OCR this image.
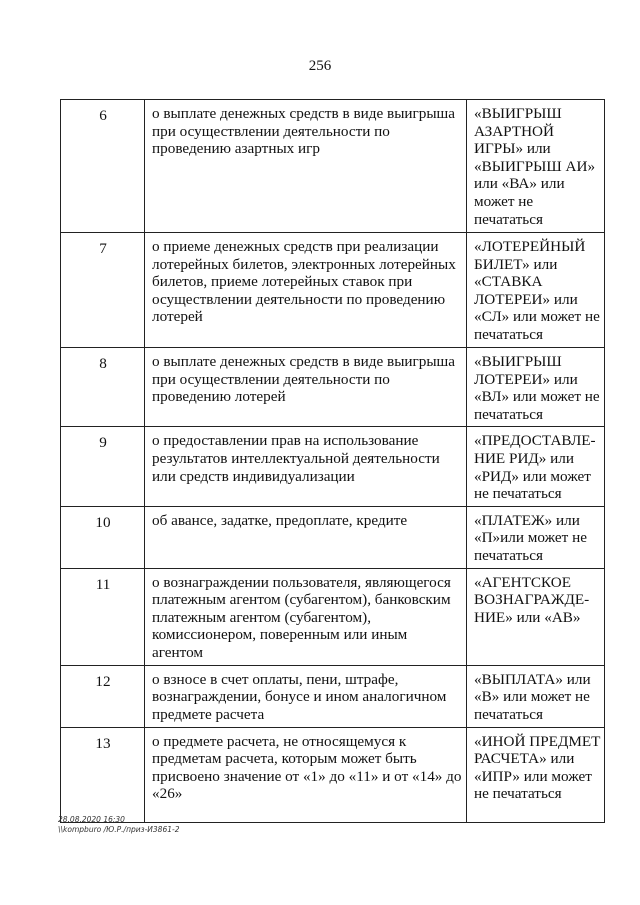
256
6	о выплате денежных средств в виде выигрыша при осуществлении деятельности по проведению азартных игр	«ВЫИГРЫШ АЗАРТНОЙ ИГРЫ» или «ВЫИГРЫШ АИ» или «ВА» или может не печататься
7	о приеме денежных средств при реализации лотерейных билетов, электронных лотерейных билетов, приеме лотерейных ставок при осуществлении деятельности по проведению лотерей	«ЛОТЕРЕЙНЫЙ БИЛЕТ» или «СТАВКА ЛОТЕРЕИ» или «СЛ» или может не печататься
8	о выплате денежных средств в виде выигрыша при осуществлении деятельности по проведению лотерей	«ВЫИГРЫШ ЛОТЕРЕИ» или «ВЛ» или может не печататься
9	о предоставлении прав на использование результатов интеллектуальной деятельности или средств индивидуализации	«ПРЕДОСТАВЛЕ-НИЕ РИД» или «РИД» или может не печататься
10	об авансе, задатке, предоплате, кредите	«ПЛАТЕЖ» или «П»или может не печататься
11	о вознаграждении пользователя, являющегося платежным агентом (субагентом), банковским платежным агентом (субагентом), комиссионером, поверенным или иным агентом	«АГЕНТСКОЕ ВОЗНАГРАЖДЕ-НИЕ» или «АВ»
12	о взносе в счет оплаты, пени, штрафе, вознаграждении, бонусе и ином аналогичном предмете расчета	«ВЫПЛАТА» или «В» или может не печататься
13	о предмете расчета, не относящемуся к предметам расчета, которым может быть присвоено значение от «1» до «11» и от «14» до «26»	«ИНОЙ ПРЕДМЕТ РАСЧЕТА» или «ИПР» или может не печататься
28.08.2020 16:30
\\kompburo /Ю.Р./приз-И3861-2
